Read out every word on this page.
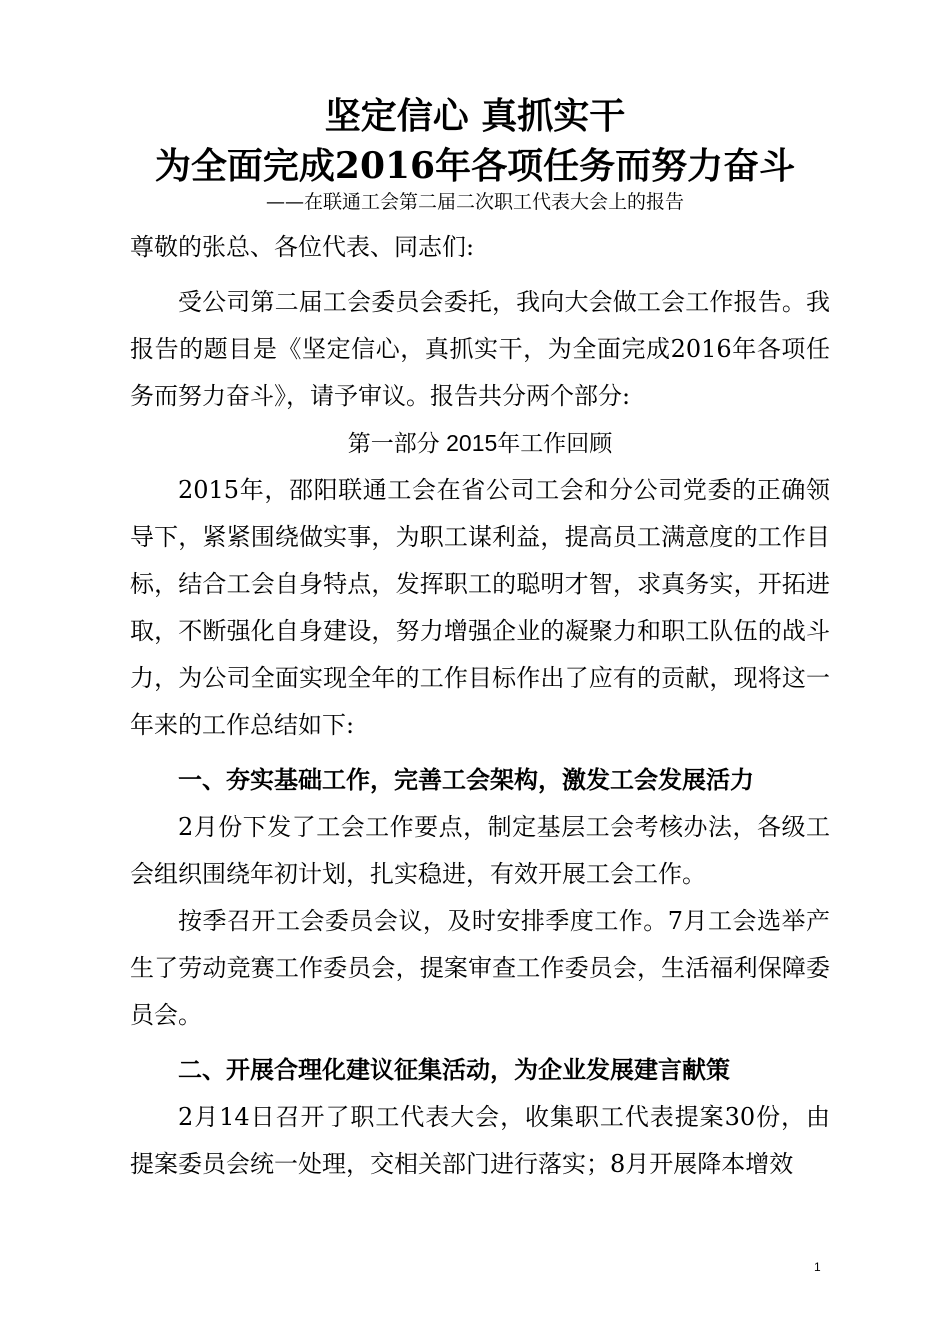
坚定信心 真抓实干
为全面完成2016年各项任务而努力奋斗
——在联通工会第二届二次职工代表大会上的报告

尊敬的张总、各位代表、同志们:

受公司第二届工会委员会委托，我向大会做工会工作报告。我报告的题目是《坚定信心，真抓实干，为全面完成2016年各项任务而努力奋斗》，请予审议。报告共分两个部分:

第一部分 2015年工作回顾

2015年，邵阳联通工会在省公司工会和分公司党委的正确领导下，紧紧围绕做实事，为职工谋利益，提高员工满意度的工作目标，结合工会自身特点，发挥职工的聪明才智，求真务实，开拓进取，不断强化自身建设，努力增强企业的凝聚力和职工队伍的战斗力，为公司全面实现全年的工作目标作出了应有的贡献，现将这一年来的工作总结如下:

一、夯实基础工作，完善工会架构，激发工会发展活力

2月份下发了工会工作要点，制定基层工会考核办法，各级工会组织围绕年初计划，扎实稳进，有效开展工会工作。

按季召开工会委员会议，及时安排季度工作。7月工会选举产生了劳动竞赛工作委员会，提案审查工作委员会，生活福利保障委员会。

二、开展合理化建议征集活动，为企业发展建言献策

2月14日召开了职工代表大会，收集职工代表提案30份，由提案委员会统一处理，交相关部门进行落实；8月开展降本增效

1
